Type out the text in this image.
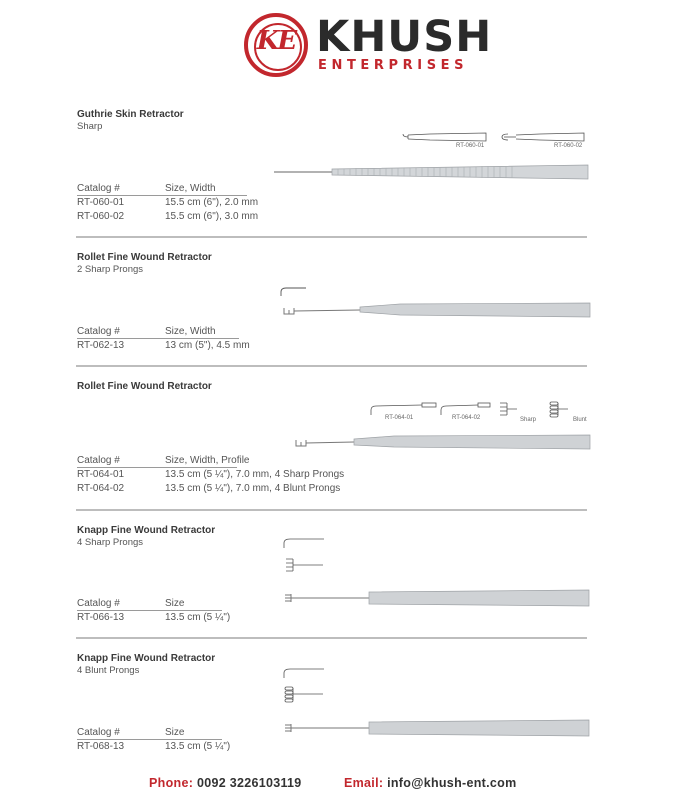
KE KHUSH
ENTERPRISES
Guthrie Skin Retractor
Sharp
Catalog #	Size, Width
RT-060-01	15.5 cm (6"), 2.0 mm
RT-060-02	15.5 cm (6"), 3.0 mm
RT-060-01	RT-060-02
Rollet Fine Wound Retractor
2 Sharp Prongs
Catalog #	Size, Width
RT-062-13	13 cm (5"), 4.5 mm
Rollet Fine Wound Retractor
RT-064-01	RT-064-02	Sharp	Blunt
Catalog #	Size, Width, Profile
RT-064-01	13.5 cm (5 ¼"), 7.0 mm, 4 Sharp Prongs
RT-064-02	13.5 cm (5 ¼"), 7.0 mm, 4 Blunt Prongs
Knapp Fine Wound Retractor
4 Sharp Prongs
Catalog #	Size
RT-066-13	13.5 cm (5 ¼")
Knapp Fine Wound Retractor
4 Blunt Prongs
Catalog #	Size
RT-068-13	13.5 cm (5 ¼")
Phone: 0092 3226103119	Email: info@khush-ent.com
